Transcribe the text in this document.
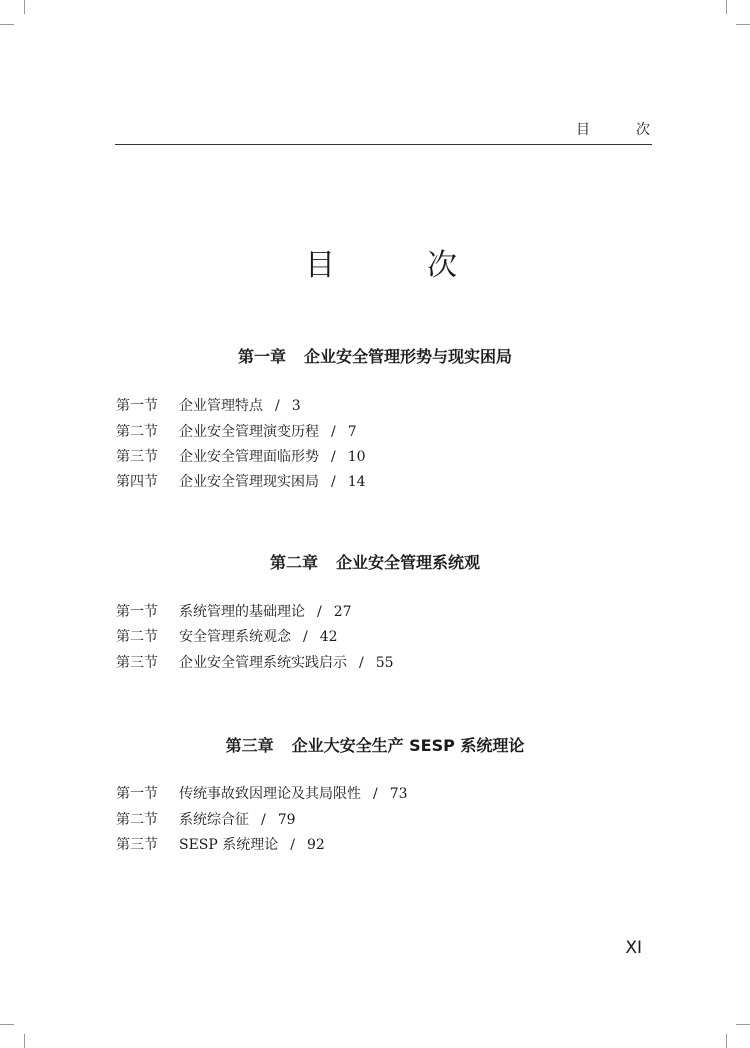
目	次
目	次
第一章 企业安全管理形势与现实困局
第一节 企业管理特点 / 3
第二节 企业安全管理演变历程 / 7
第三节 企业安全管理面临形势 / 10
第四节 企业安全管理现实困局 / 14
第二章 企业安全管理系统观
第一节 系统管理的基础理论 / 27
第二节 安全管理系统观念 / 42
第三节 企业安全管理系统实践启示 / 55
第三章 企业大安全生产 SESP 系统理论
第一节 传统事故致因理论及其局限性 / 73
第二节 系统综合征 / 79
第三节 SESP 系统理论 / 92
XI
